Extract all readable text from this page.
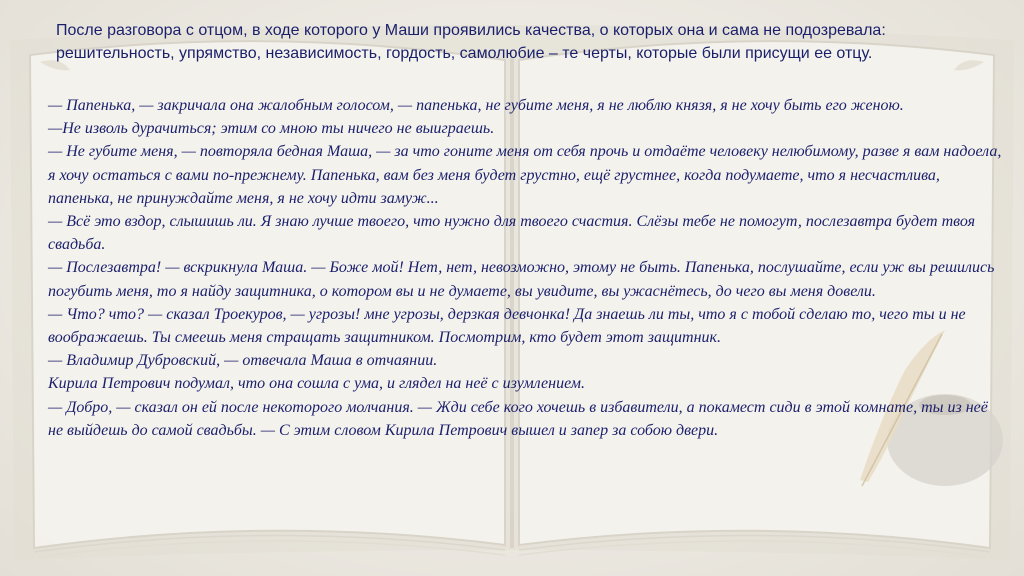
После разговора с отцом, в ходе которого у Маши проявились качества, о которых она и сама не подозревала: решительность, упрямство, независимость, гордость, самолюбие – те черты, которые были присущи ее отцу.

— Папенька, — закричала она жалобным голосом, — папенька, не губите меня, я не люблю князя, я не хочу быть его женою.
—Не изволь дурачиться; этим со мною ты ничего не выиграешь.
— Не губите меня, — повторяла бедная Маша, — за что гоните меня от себя прочь и отдаёте человеку нелюбимому, разве я вам надоела, я хочу остаться с вами по-прежнему. Папенька, вам без меня будет грустно, ещё грустнее, когда подумаете, что я несчастлива, папенька, не принуждайте меня, я не хочу идти замуж...
— Всё это вздор, слышишь ли. Я знаю лучше твоего, что нужно для твоего счастия. Слёзы тебе не помогут, послезавтра будет твоя свадьба.
— Послезавтра! — вскрикнула Маша. — Боже мой! Нет, нет, невозможно, этому не быть. Папенька, послушайте, если уж вы решились погубить меня, то я найду защитника, о котором вы и не думаете, вы увидите, вы ужаснётесь, до чего вы меня довели.
— Что? что? — сказал Троекуров, — угрозы! мне угрозы, дерзкая девчонка! Да знаешь ли ты, что я с тобой сделаю то, чего ты и не воображаешь. Ты смеешь меня стращать защитником. Посмотрим, кто будет этот защитник.
— Владимир Дубровский, — отвечала Маша в отчаянии.
Кирила Петрович подумал, что она сошла с ума, и глядел на неё с изумлением.
— Добро, — сказал он ей после некоторого молчания. — Жди себе кого хочешь в избавители, а покамест сиди в этой комнате, ты из неё не выйдешь до самой свадьбы. — С этим словом Кирила Петрович вышел и запер за собою двери.
